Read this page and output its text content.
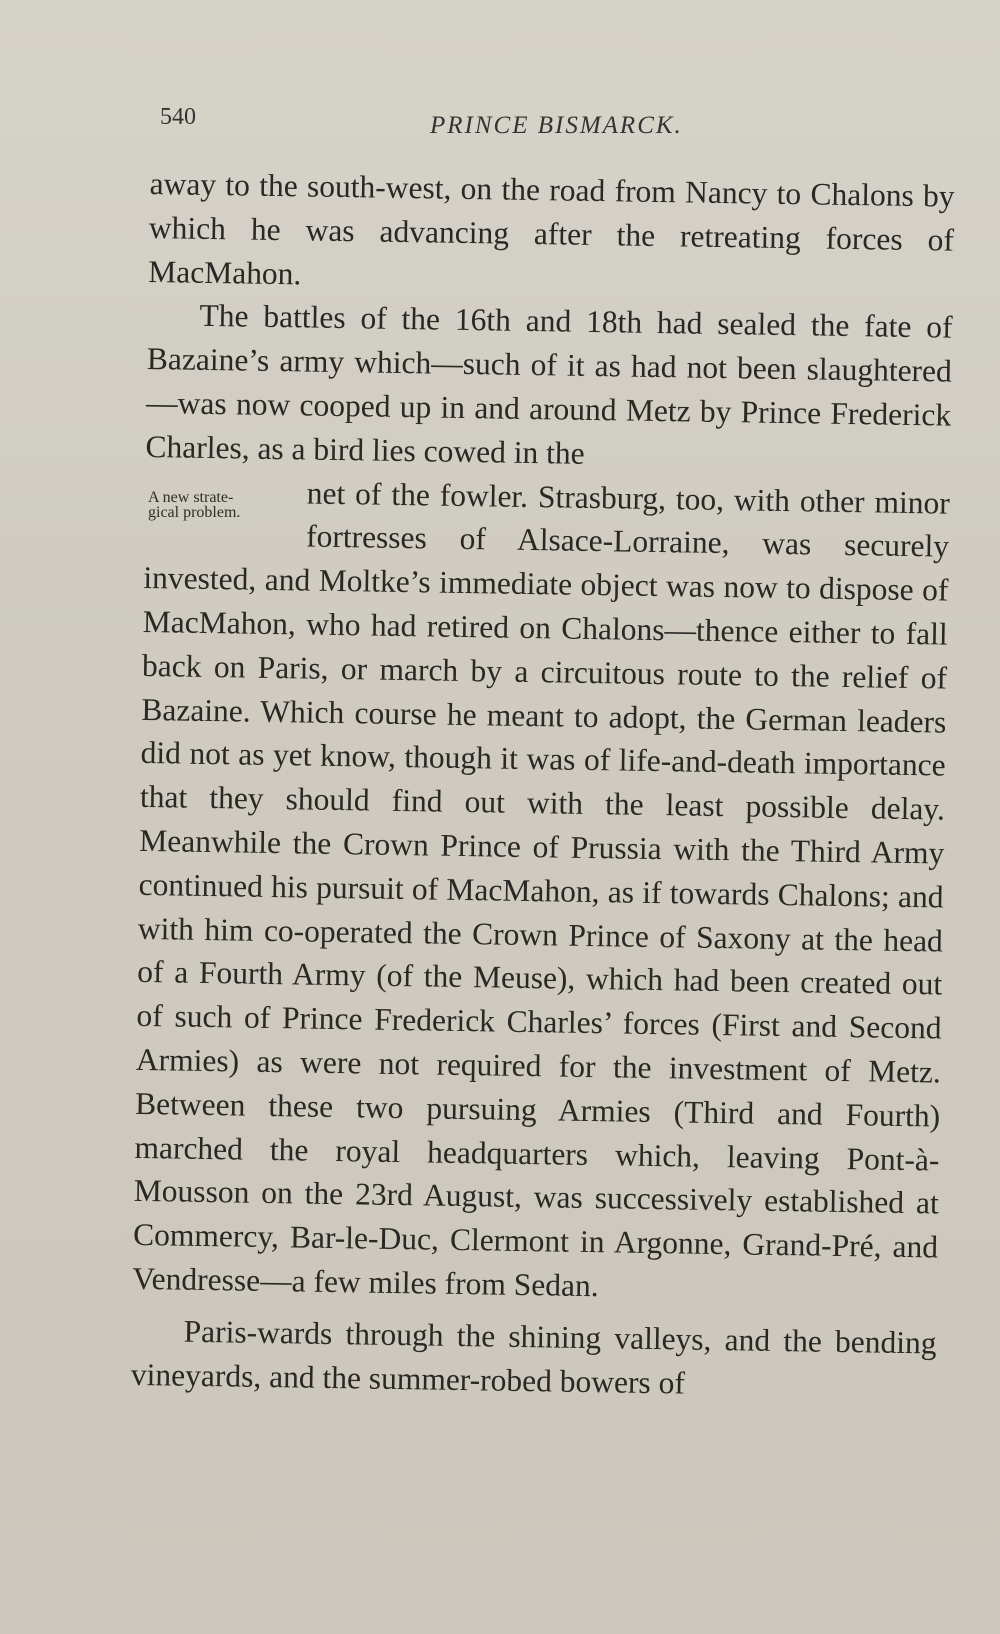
540	PRINCE BISMARCK.

away to the south-west, on the road from Nancy to Chalons by which he was advancing after the retreating forces of MacMahon.

The battles of the 16th and 18th had sealed the fate of Bazaine’s army which—such of it as had not been slaughtered—was now cooped up in and around Metz by Prince Frederick Charles, as a bird lies cowed in the

net of the fowler. Strasburg, too, with other minor fortresses of Alsace-Lorraine, was securely invested, and Moltke’s immediate object was now to dispose of MacMahon, who had retired on Chalons—thence either to fall back on Paris, or march by a circuitous route to the relief of Bazaine. Which course he meant to adopt, the German leaders did not as yet know, though it was of life-and-death importance that they should find out with the least possible delay. Meanwhile the Crown Prince of Prussia with the Third Army continued his pursuit of MacMahon, as if towards Chalons; and with him co-operated the Crown Prince of Saxony at the head of a Fourth Army (of the Meuse), which had been created out of such of Prince Frederick Charles’ forces (First and Second Armies) as were not required for the investment of Metz. Between these two pursuing Armies (Third and Fourth) marched the royal headquarters which, leaving Pont-à-Mousson on the 23rd August, was successively established at Commercy, Bar-le-Duc, Clermont in Argonne, Grand-Pré, and Vendresse—a few miles from Sedan.

Paris-wards through the shining valleys, and the bending vineyards, and the summer-robed bowers of

A new strate-
gical problem.
